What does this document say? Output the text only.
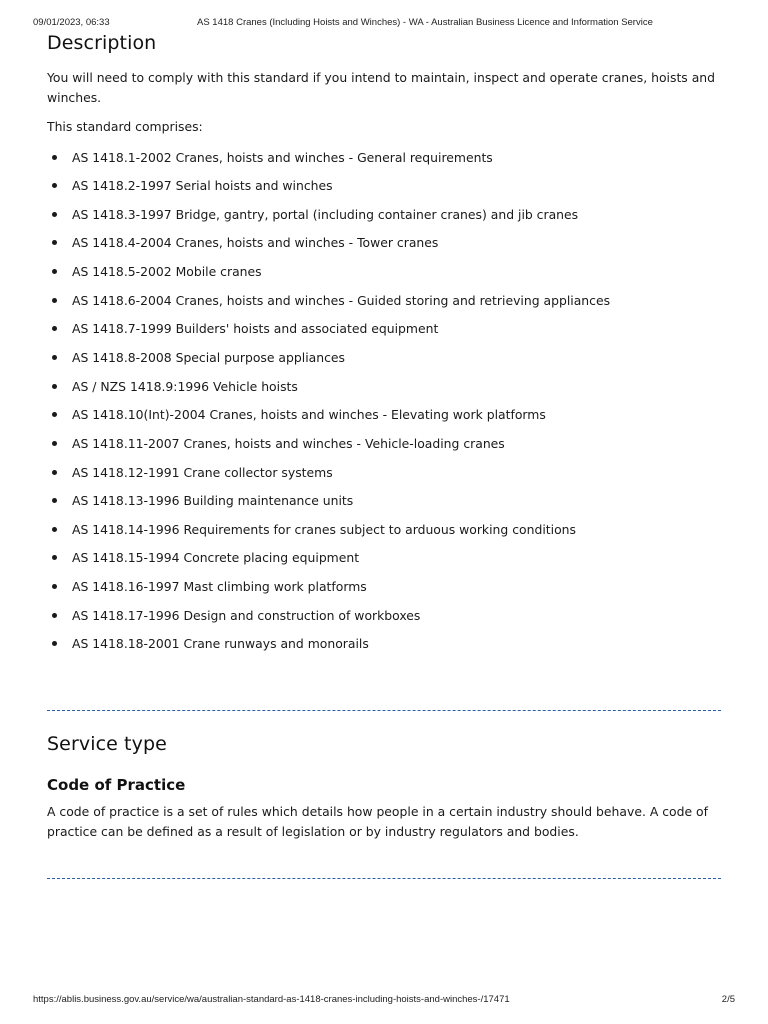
09/01/2023, 06:33	AS 1418 Cranes (Including Hoists and Winches) - WA - Australian Business Licence and Information Service
Description

You will need to comply with this standard if you intend to maintain, inspect and operate cranes, hoists and winches.

This standard comprises:

AS 1418.1-2002 Cranes, hoists and winches - General requirements
AS 1418.2-1997 Serial hoists and winches
AS 1418.3-1997 Bridge, gantry, portal (including container cranes) and jib cranes
AS 1418.4-2004 Cranes, hoists and winches - Tower cranes
AS 1418.5-2002 Mobile cranes
AS 1418.6-2004 Cranes, hoists and winches - Guided storing and retrieving appliances
AS 1418.7-1999 Builders' hoists and associated equipment
AS 1418.8-2008 Special purpose appliances
AS / NZS 1418.9:1996 Vehicle hoists
AS 1418.10(Int)-2004 Cranes, hoists and winches - Elevating work platforms
AS 1418.11-2007 Cranes, hoists and winches - Vehicle-loading cranes
AS 1418.12-1991 Crane collector systems
AS 1418.13-1996 Building maintenance units
AS 1418.14-1996 Requirements for cranes subject to arduous working conditions
AS 1418.15-1994 Concrete placing equipment
AS 1418.16-1997 Mast climbing work platforms
AS 1418.17-1996 Design and construction of workboxes
AS 1418.18-2001 Crane runways and monorails
Service type
Code of Practice

A code of practice is a set of rules which details how people in a certain industry should behave. A code of practice can be defined as a result of legislation or by industry regulators and bodies.

https://ablis.business.gov.au/service/wa/australian-standard-as-1418-cranes-including-hoists-and-winches-/17471	2/5
